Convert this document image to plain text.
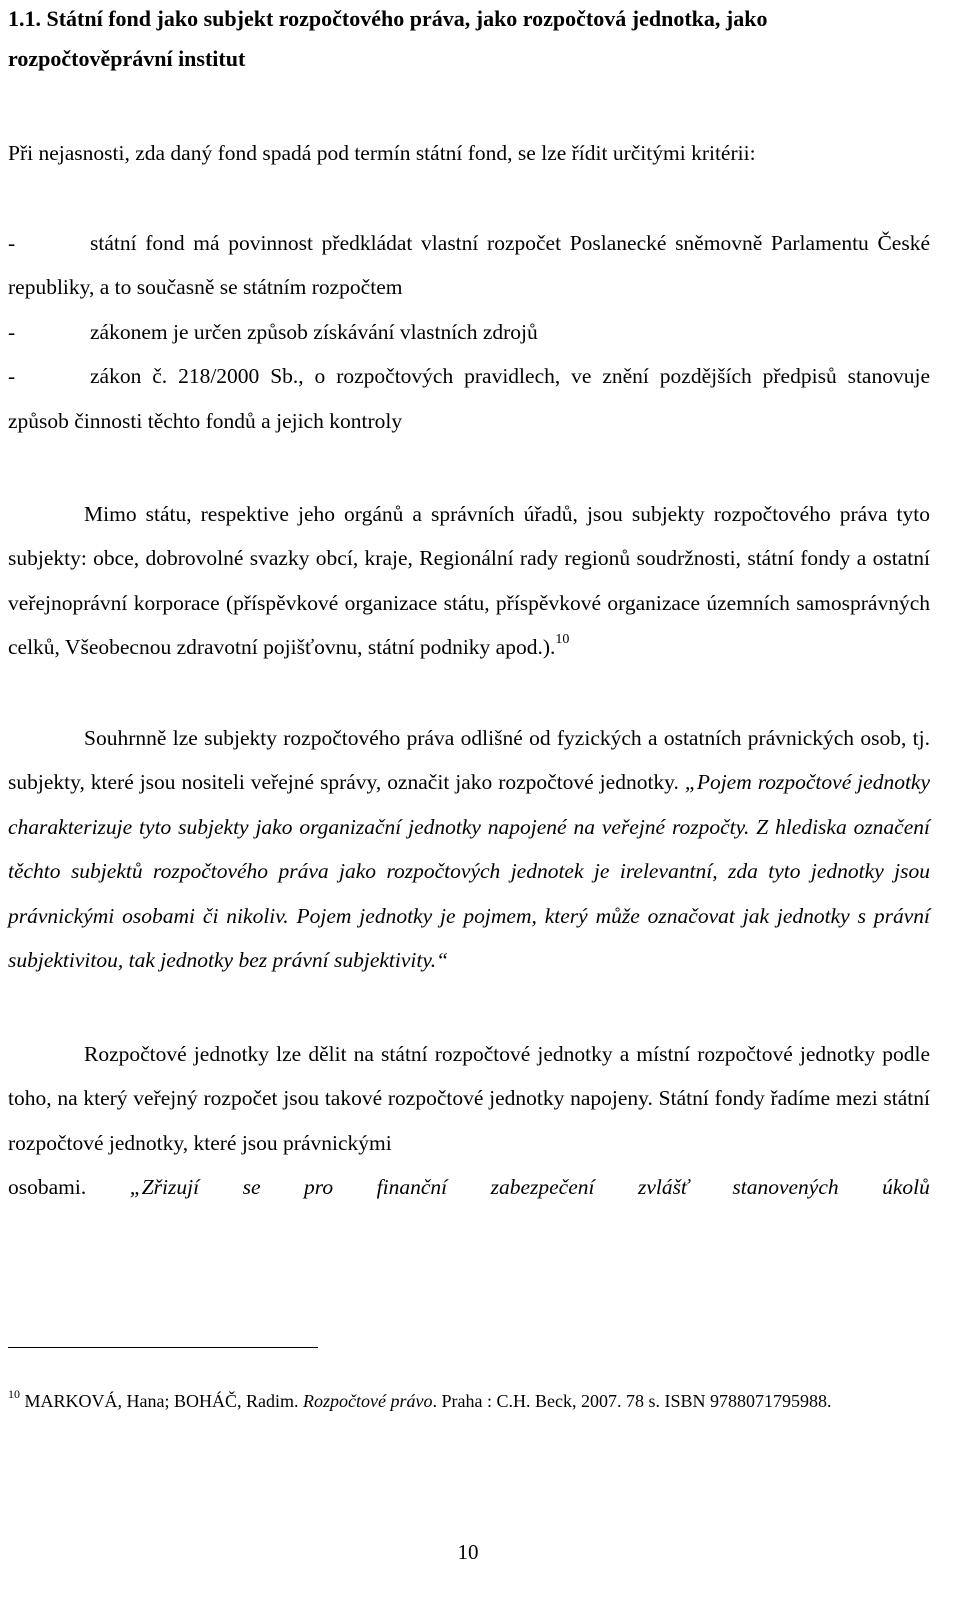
1.1. Státní fond jako subjekt rozpočtového práva, jako rozpočtová jednotka, jako

rozpočtověprávní institut

Při nejasnosti, zda daný fond spadá pod termín státní fond, se lze řídit určitými kritérii:

-	státní fond má povinnost předkládat vlastní rozpočet Poslanecké sněmovně Parlamentu České republiky, a to současně se státním rozpočtem

-	zákonem je určen způsob získávání vlastních zdrojů

-	zákon č. 218/2000 Sb., o rozpočtových pravidlech, ve znění pozdějších předpisů stanovuje způsob činnosti těchto fondů a jejich kontroly

Mimo státu, respektive jeho orgánů a správních úřadů, jsou subjekty rozpočtového práva tyto subjekty: obce, dobrovolné svazky obcí, kraje, Regionální rady regionů soudržnosti, státní fondy a ostatní veřejnoprávní korporace (příspěvkové organizace státu, příspěvkové organizace územních samosprávných celků, Všeobecnou zdravotní pojišťovnu, státní podniky apod.).$^{10}$

Souhrnně lze subjekty rozpočtového práva odlišné od fyzických a ostatních právnických osob, tj. subjekty, které jsou nositeli veřejné správy, označit jako rozpočtové jednotky. „Pojem rozpočtové jednotky charakterizuje tyto subjekty jako organizační jednotky napojené na veřejné rozpočty. Z hlediska označení těchto subjektů rozpočtového práva jako rozpočtových jednotek je irelevantní, zda tyto jednotky jsou právnickými osobami či nikoliv. Pojem jednotky je pojmem, který může označovat jak jednotky s právní subjektivitou, tak jednotky bez právní subjektivity.“

Rozpočtové jednotky lze dělit na státní rozpočtové jednotky a místní rozpočtové jednotky podle toho, na který veřejný rozpočet jsou takové rozpočtové jednotky napojeny. Státní fondy řadíme mezi státní rozpočtové jednotky, které jsou právnickými

osobami. „Zřizují se pro finanční zabezpečení zvlášť stanovených úkolů
$^{10}$ MARKOVÁ, Hana; BOHÁČ, Radim. Rozpočtové právo. Praha : C.H. Beck, 2007. 78 s. ISBN 9788071795988.
10
